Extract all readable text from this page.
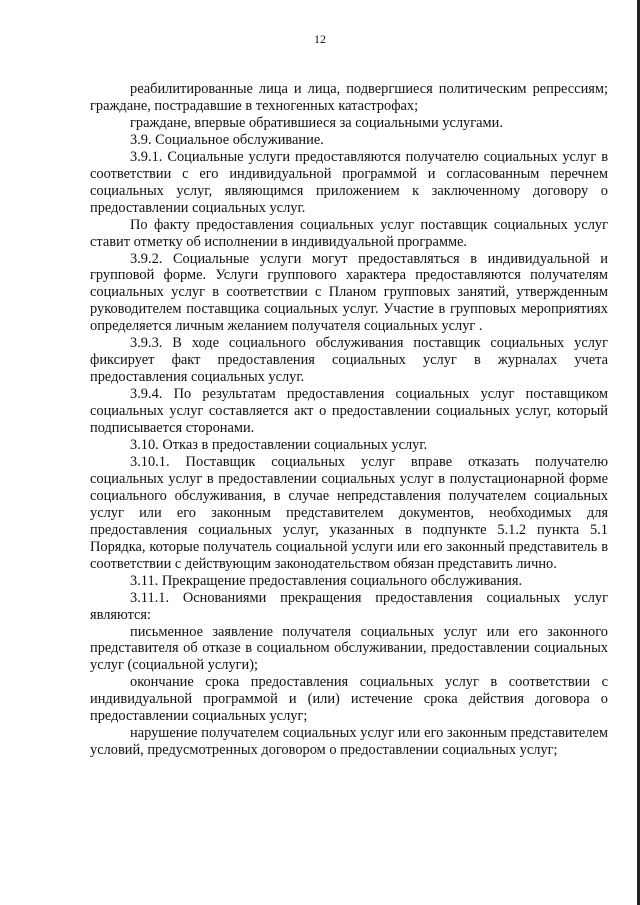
12

реабилитированные лица и лица, подвергшиеся политическим репрессиям; граждане, пострадавшие в техногенных катастрофах;

граждане, впервые обратившиеся за социальными услугами.

3.9. Социальное обслуживание.

3.9.1. Социальные услуги предоставляются получателю социальных услуг в соответствии с его индивидуальной программой и согласованным перечнем социальных услуг, являющимся приложением к заключенному договору о предоставлении социальных услуг.

По факту предоставления социальных услуг поставщик социальных услуг ставит отметку об исполнении в индивидуальной программе.

3.9.2. Социальные услуги могут предоставляться в индивидуальной и групповой форме. Услуги группового характера предоставляются получателям социальных услуг в соответствии с Планом групповых занятий, утвержденным руководителем поставщика социальных услуг. Участие в групповых мероприятиях определяется личным желанием получателя социальных услуг .

3.9.3. В ходе социального обслуживания поставщик социальных услуг фиксирует факт предоставления социальных услуг в журналах учета предоставления социальных услуг.

3.9.4. По результатам предоставления социальных услуг поставщиком социальных услуг составляется акт о предоставлении социальных услуг, который подписывается сторонами.

3.10. Отказ в предоставлении социальных услуг.

3.10.1. Поставщик социальных услуг вправе отказать получателю социальных услуг в предоставлении социальных услуг в полустационарной форме социального обслуживания, в случае непредставления получателем социальных услуг или его законным представителем документов, необходимых для предоставления социальных услуг, указанных в подпункте 5.1.2 пункта 5.1 Порядка, которые получатель социальной услуги или его законный представитель в соответствии с действующим законодательством обязан представить лично.

3.11. Прекращение предоставления социального обслуживания.

3.11.1. Основаниями прекращения предоставления социальных услуг являются:

письменное заявление получателя социальных услуг или его законного представителя об отказе в социальном обслуживании, предоставлении социальных услуг (социальной услуги);

окончание срока предоставления социальных услуг в соответствии с индивидуальной программой и (или) истечение срока действия договора о предоставлении социальных услуг;

нарушение получателем социальных услуг или его законным представителем условий, предусмотренных договором о предоставлении социальных услуг;
